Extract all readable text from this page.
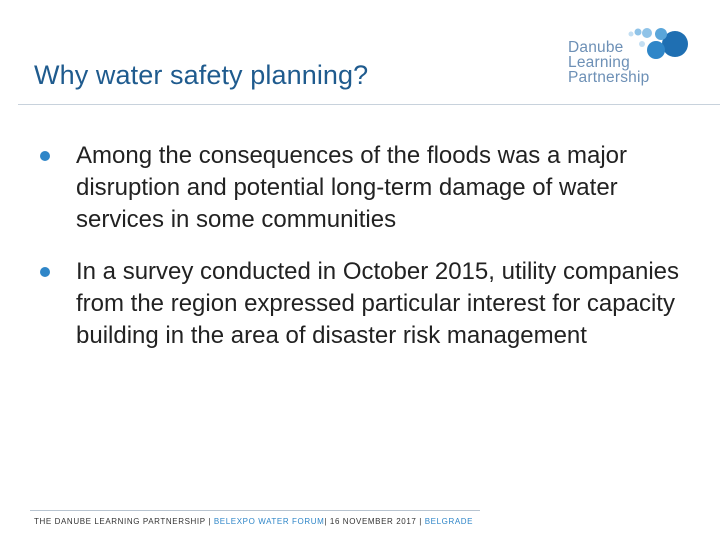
Why water safety planning?
Danube
Learning
Partnership
Among the consequences of the floods was a major disruption and potential long-term damage of water services in some communities
In a survey conducted in October 2015, utility companies from the region expressed particular interest for capacity building in the area of disaster risk management
THE DANUBE LEARNING PARTNERSHIP | BELEXPO WATER FORUM| 16 NOVEMBER 2017 | BELGRADE
